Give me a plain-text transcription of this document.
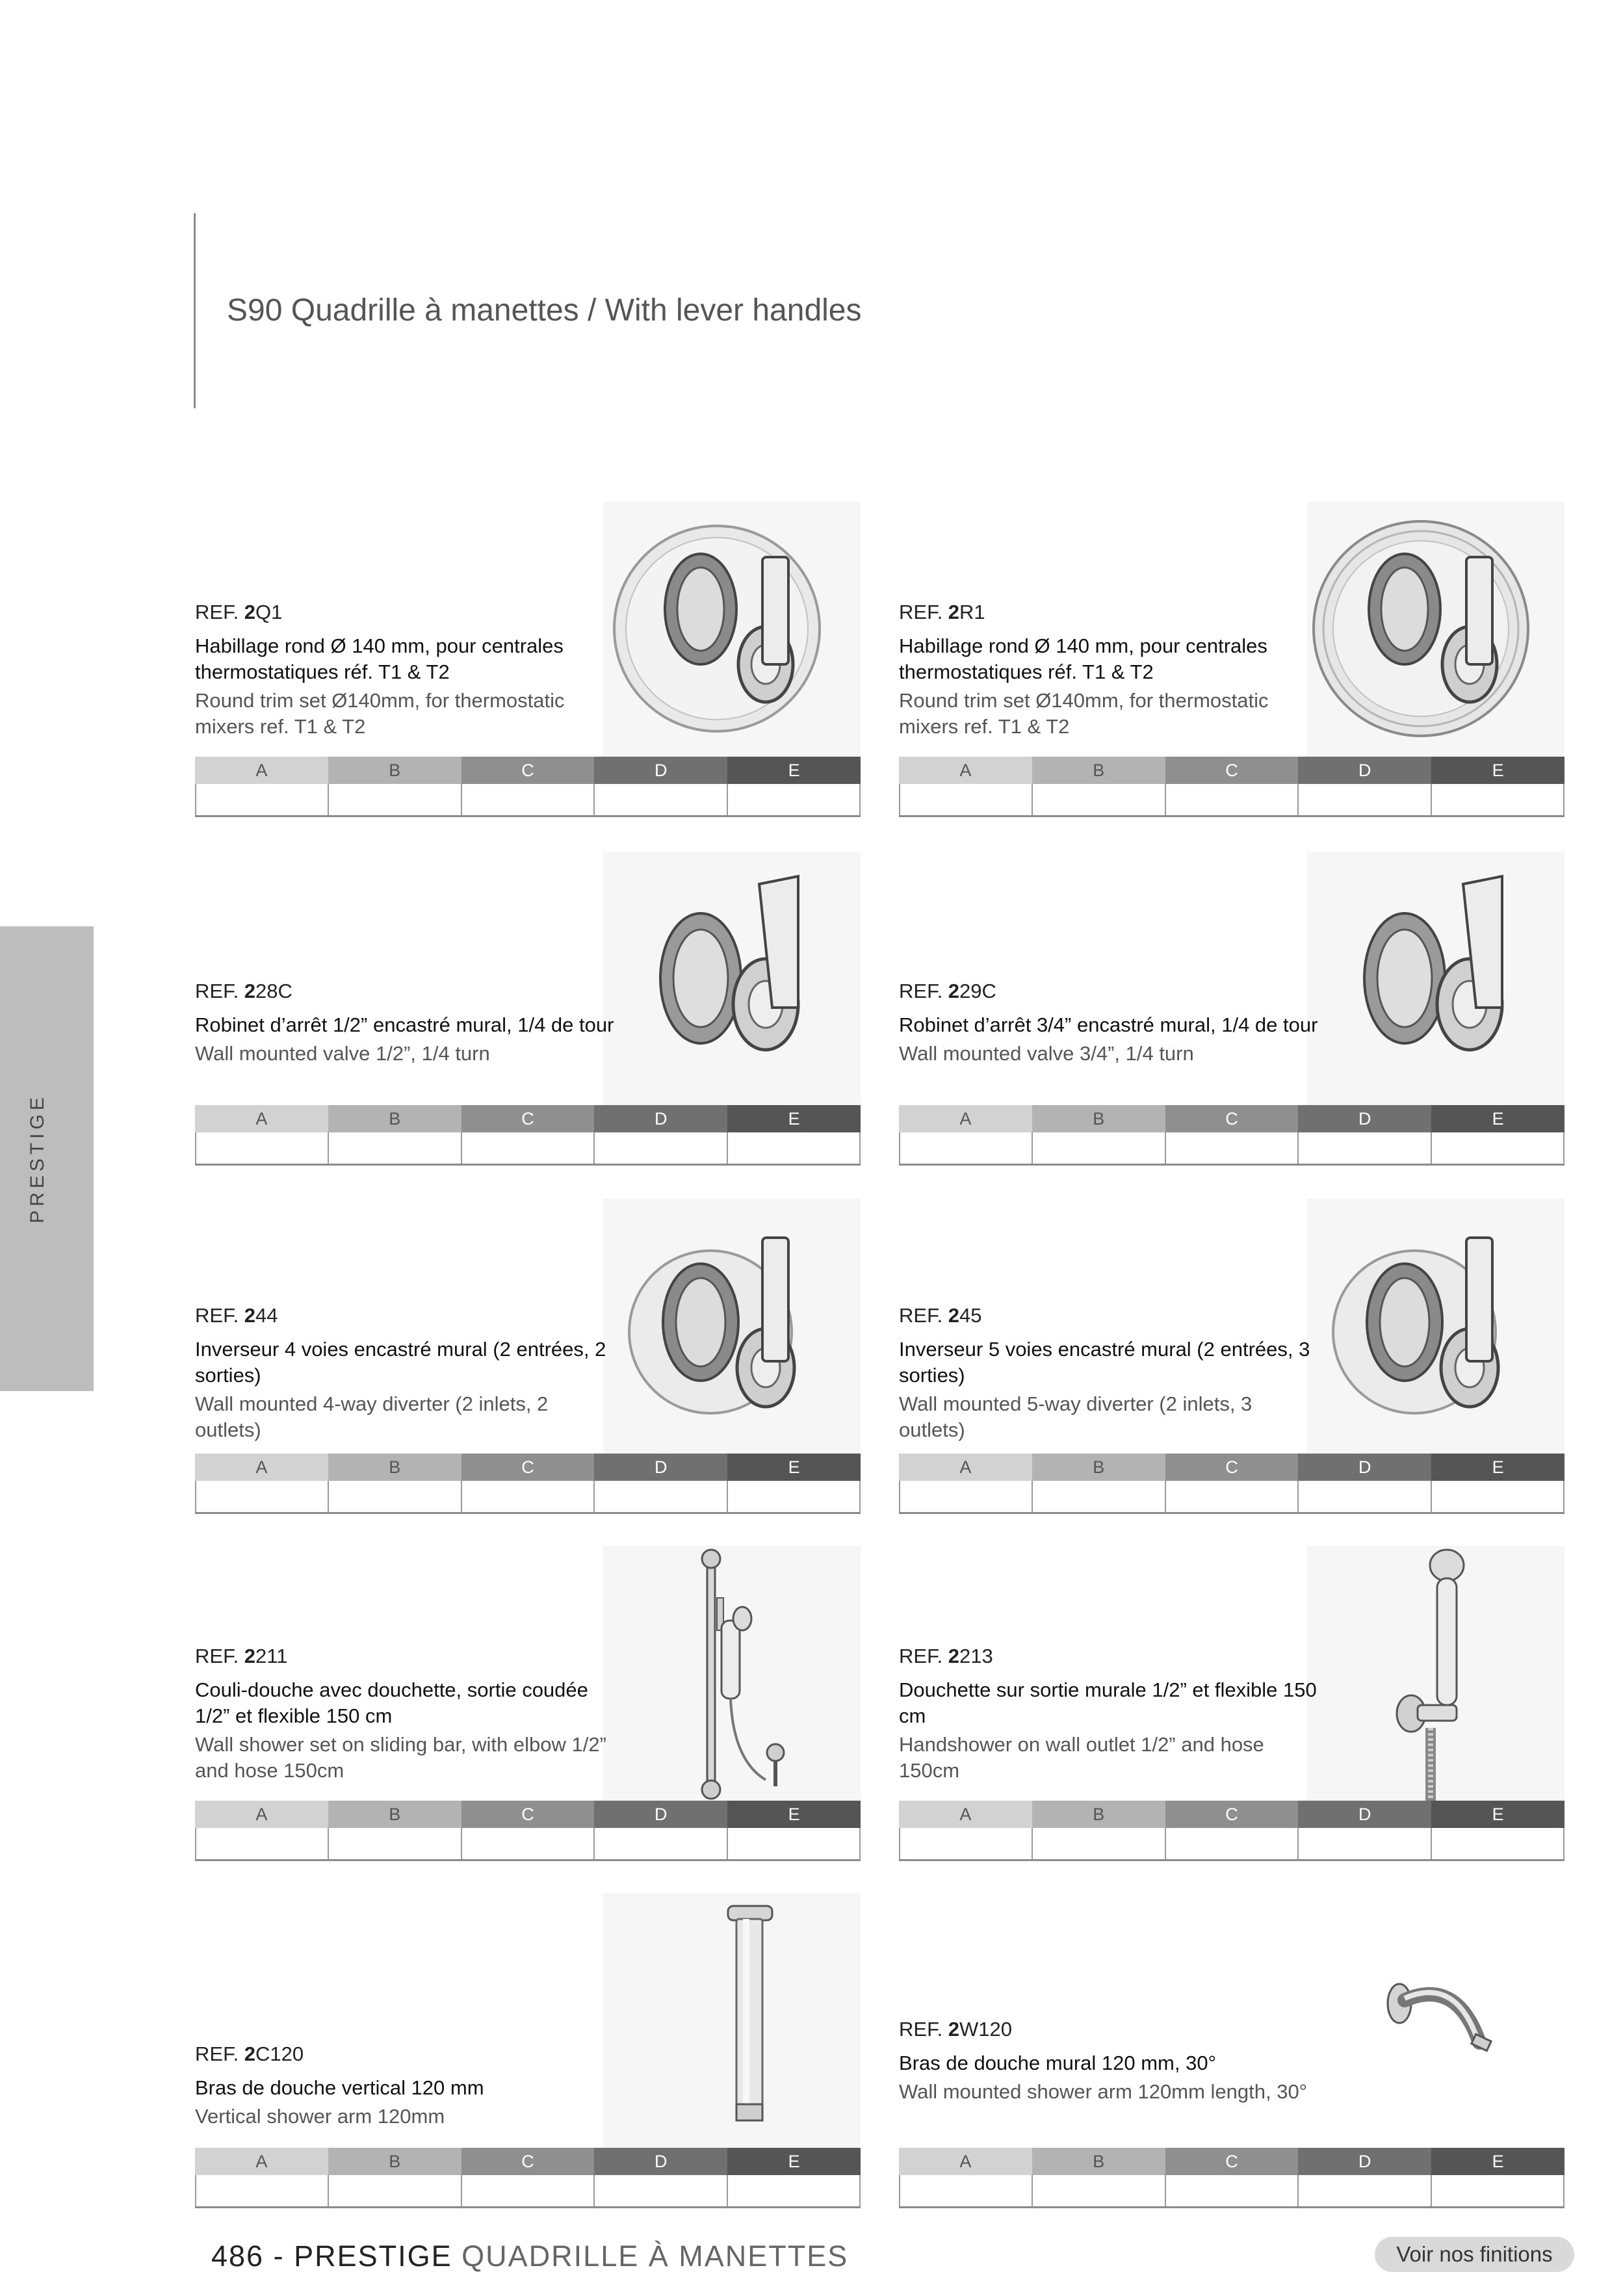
S90 Quadrille à manettes / With lever handles
PRESTIGE
REF. 2Q1
Habillage rond Ø 140 mm, pour centrales thermostatiques réf. T1 & T2
Round trim set Ø140mm, for thermostatic mixers ref. T1 & T2
A	B	C	D	E
REF. 2R1
Habillage rond Ø 140 mm, pour centrales thermostatiques réf. T1 & T2
Round trim set Ø140mm, for thermostatic mixers ref. T1 & T2
A	B	C	D	E
REF. 228C
Robinet d’arrêt 1/2” encastré mural, 1/4 de tour
Wall mounted valve 1/2”, 1/4 turn
A	B	C	D	E
REF. 229C
Robinet d’arrêt 3/4” encastré mural, 1/4 de tour
Wall mounted valve 3/4”, 1/4 turn
A	B	C	D	E
REF. 244
Inverseur 4 voies encastré mural (2 entrées, 2 sorties)
Wall mounted 4-way diverter (2 inlets, 2 outlets)
A	B	C	D	E
REF. 245
Inverseur 5 voies encastré mural (2 entrées, 3 sorties)
Wall mounted 5-way diverter (2 inlets, 3 outlets)
A	B	C	D	E
REF. 2211
Couli-douche avec douchette, sortie coudée 1/2” et flexible 150 cm
Wall shower set on sliding bar, with elbow 1/2” and hose 150cm
A	B	C	D	E
REF. 2213
Douchette sur sortie murale 1/2” et flexible 150 cm
Handshower on wall outlet 1/2” and hose 150cm
A	B	C	D	E
REF. 2C120
Bras de douche vertical 120 mm
Vertical shower arm 120mm
A	B	C	D	E
REF. 2W120
Bras de douche mural 120 mm, 30°
Wall mounted shower arm 120mm length, 30°
A	B	C	D	E
486 - PRESTIGE QUADRILLE À MANETTES	Voir nos finitions
